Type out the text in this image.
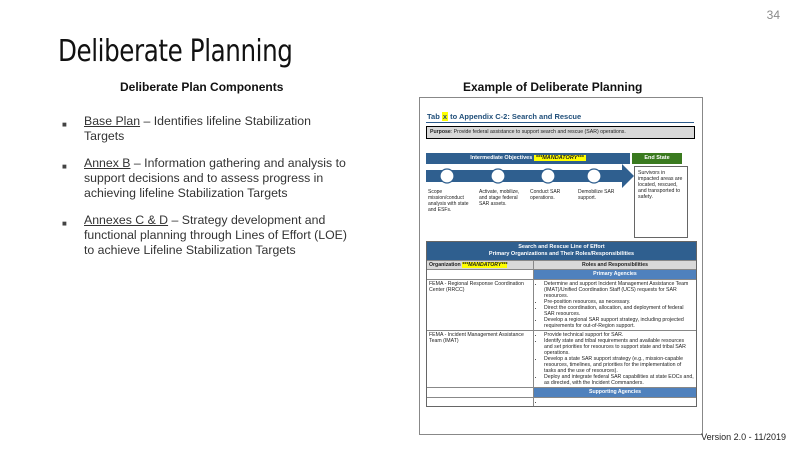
34
Deliberate Planning
Deliberate Plan Components	Example of Deliberate Planning
■ Base Plan – Identifies lifeline Stabilization Targets
■ Annex B – Information gathering and analysis to support decisions and to assess progress in achieving lifeline Stabilization Targets
■ Annexes C & D – Strategy development and functional planning through Lines of Effort (LOE) to achieve Lifeline Stabilization Targets
Tab x to Appendix C-2: Search and Rescue
Purpose: Provide federal assistance to support search and rescue (SAR) operations.
Intermediate Objectives ***MANDATORY***	End State
Scope mission/conduct analysis with state and ESFs.
Activate, mobilize, and stage federal SAR assets.
Conduct SAR operations.
Demobilize SAR support.
Survivors in impacted areas are located, rescued, and transported to safety.
Search and Rescue Line of Effort
Primary Organizations and Their Roles/Responsibilities
Organization ***MANDATORY***	Roles and Responsibilities
Primary Agencies
FEMA - Regional Response Coordination Center (RRCC)
• Determine and support Incident Management Assistance Team (IMAT)/Unified Coordination Staff (UCS) requests for SAR resources.
• Pre-position resources, as necessary.
• Direct the coordination, allocation, and deployment of federal SAR resources.
• Develop a regional SAR support strategy, including projected requirements for out-of-Region support.
FEMA - Incident Management Assistance Team (IMAT)
• Provide technical support for SAR.
• Identify state and tribal requirements and available resources and set priorities for resources to support state and tribal SAR operations.
• Develop a state SAR support strategy (e.g., mission-capable resources, timelines, and priorities for the implementation of tasks and the use of resources).
• Deploy and integrate federal SAR capabilities at state EOCs and, as directed, with the Incident Commanders.
Supporting Agencies
•
Version 2.0 - 11/2019
